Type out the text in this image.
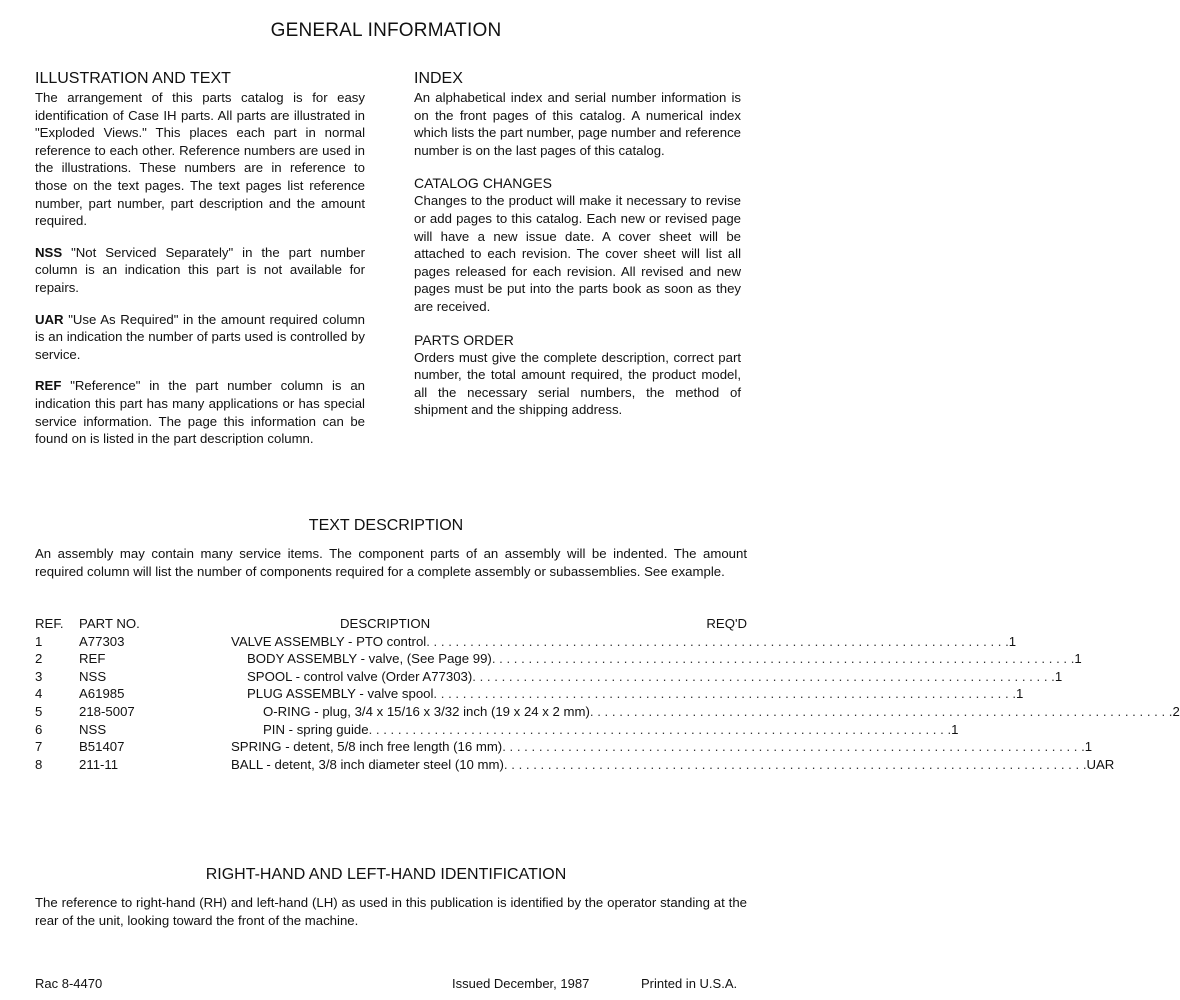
GENERAL INFORMATION
ILLUSTRATION AND TEXT
The arrangement of this parts catalog is for easy identification of Case IH parts. All parts are illustrated in "Exploded Views." This places each part in normal reference to each other. Reference numbers are used in the illustrations. These numbers are in reference to those on the text pages. The text pages list reference number, part number, part description and the amount required.
NSS "Not Serviced Separately" in the part number column is an indication this part is not available for repairs.
UAR "Use As Required" in the amount required column is an indication the number of parts used is controlled by service.
REF "Reference" in the part number column is an indication this part has many applications or has special service information. The page this information can be found on is listed in the part description column.
INDEX
An alphabetical index and serial number information is on the front pages of this catalog. A numerical index which lists the part number, page number and reference number is on the last pages of this catalog.
CATALOG CHANGES
Changes to the product will make it necessary to revise or add pages to this catalog. Each new or revised page will have a new issue date. A cover sheet will be attached to each revision. The cover sheet will list all pages released for each revision. All revised and new pages must be put into the parts book as soon as they are received.
PARTS ORDER
Orders must give the complete description, correct part number, the total amount required, the product model, all the necessary serial numbers, the method of shipment and the shipping address.
TEXT DESCRIPTION
An assembly may contain many service items. The component parts of an assembly will be indented. The amount required column will list the number of components required for a complete assembly or subassemblies. See example.
REF. PART NO.	DESCRIPTION	REQ'D
1	A77303	VALVE ASSEMBLY - PTO control . . . . . . . . . . . . . . . . . . . . . . . . . . . . . . . . . . . . . . . . . . . . . . . . . . . . . . . . . . . . . . . . . . . . . . . . . . . . . . . . 1
2	REF	BODY ASSEMBLY - valve, (See Page 99) . . . . . . . . . . . . . . . . . . . . . . . . . . . . . . . . . . . . . . . . . . . . . . . . . . . . . . . . . . . . . . . . . . . . . . . . . . . . . . . . 1
3	NSS	SPOOL - control valve (Order A77303) . . . . . . . . . . . . . . . . . . . . . . . . . . . . . . . . . . . . . . . . . . . . . . . . . . . . . . . . . . . . . . . . . . . . . . . . . . . . . . . . 1
4	A61985	PLUG ASSEMBLY - valve spool . . . . . . . . . . . . . . . . . . . . . . . . . . . . . . . . . . . . . . . . . . . . . . . . . . . . . . . . . . . . . . . . . . . . . . . . . . . . . . . . 1
5	218-5007	O-RING - plug, 3/4 x 15/16 x 3/32 inch (19 x 24 x 2 mm) . . . . . . . . . . . . . . . . . . . . . . . . . . . . . . . . . . . . . . . . . . . . . . . . . . . . . . . . . . . . . . . . . . . . . . . . . . . . . . . . 2
6	NSS	PIN - spring guide . . . . . . . . . . . . . . . . . . . . . . . . . . . . . . . . . . . . . . . . . . . . . . . . . . . . . . . . . . . . . . . . . . . . . . . . . . . . . . . . 1
7	B51407	SPRING - detent, 5/8 inch free length (16 mm) . . . . . . . . . . . . . . . . . . . . . . . . . . . . . . . . . . . . . . . . . . . . . . . . . . . . . . . . . . . . . . . . . . . . . . . . . . . . . . . . 1
8	211-11	BALL - detent, 3/8 inch diameter steel (10 mm) . . . . . . . . . . . . . . . . . . . . . . . . . . . . . . . . . . . . . . . . . . . . . . . . . . . . . . . . . . . . . . . . . . . . . . . . . . . . . . . . UAR
RIGHT-HAND AND LEFT-HAND IDENTIFICATION
The reference to right-hand (RH) and left-hand (LH) as used in this publication is identified by the operator standing at the rear of the unit, looking toward the front of the machine.
Rac 8-4470	Issued December, 1987	Printed in U.S.A.
